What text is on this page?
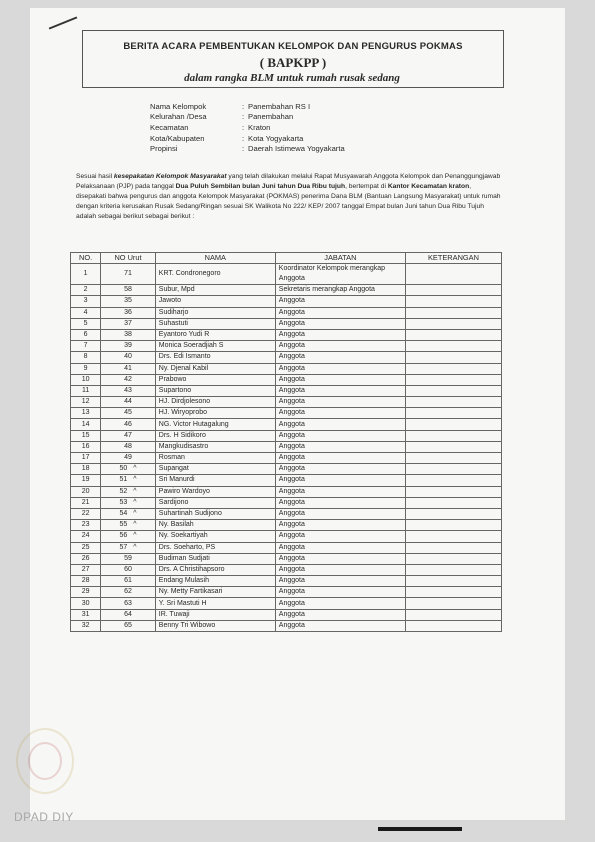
BERITA ACARA PEMBENTUKAN KELOMPOK DAN PENGURUS POKMAS
( BAPKPP )
dalam rangka BLM untuk rumah rusak sedang
Nama Kelompok	: Panembahan RS I
Kelurahan /Desa	: Panembahan
Kecamatan	: Kraton
Kota/Kabupaten	: Kota Yogyakarta
Propinsi	: Daerah Istimewa Yogyakarta
Sesuai hasil kesepakatan Kelompok Masyarakat yang telah dilakukan melalui Rapat Musyawarah Anggota Kelompok dan Penanggungjawab Pelaksanaan (PJP) pada tanggal Dua Puluh Sembilan bulan Juni tahun Dua Ribu tujuh, bertempat di Kantor Kecamatan kraton, disepakati bahwa pengurus dan anggota Kelompok Masyarakat (POKMAS) penerima Dana BLM (Bantuan Langsung Masyarakat) untuk rumah dengan kriteria kerusakan Rusak Sedang/Ringan sesuai SK Walikota No 222/ KEP/ 2007 tanggal Empat bulan Juni tahun Dua Ribu Tujuh adalah sebagai berikut sebagai berikut :
NO.	NO Urut	NAMA	JABATAN	KETERANGAN
1	71	KRT. Condronegoro	Koordinator Kelompok merangkap Anggota	
2	58	Subur, Mpd	Sekretaris merangkap Anggota	
3	35	Jawoto	Anggota	
4	36	Sudiharjo	Anggota	
5	37	Suhastuti	Anggota	
6	38	Eyantoro Yudi R	Anggota	
7	39	Monica Soeradjiah S	Anggota	
8	40	Drs. Edi Ismanto	Anggota	
9	41	Ny. Djenal Kabil	Anggota	
10	42	Prabowo	Anggota	
11	43	Supartono	Anggota	
12	44	HJ. Dirdjolesono	Anggota	
13	45	HJ. Wiryoprobo	Anggota	
14	46	NG. Victor Hutagalung	Anggota	
15	47	Drs. H Sidikoro	Anggota	
16	48	Mangkudisastro	Anggota	
17	49	Rosman	Anggota	
18	50 ^	Supangat	Anggota	
19	51 ^	Sri Manurdi	Anggota	
20	52 ^	Pawiro Wardoyo	Anggota	
21	53 ^	Sardijono	Anggota	
22	54 ^	Suhartinah Sudijono	Anggota	
23	55 ^	Ny. Basilah	Anggota	
24	56 ^	Ny. Soekartiyah	Anggota	
25	57 ^	Drs. Soeharto, PS	Anggota	
26	59	Budiman Sudjati	Anggota	
27	60	Drs. A Christihapsoro	Anggota	
28	61	Endang Mulasih	Anggota	
29	62	Ny. Metty Fartikasari	Anggota	
30	63	Y. Sri Mastuti H	Anggota	
31	64	IR. Tuwaji	Anggota	
32	65	Benny Tri Wibowo	Anggota	
DPAD DIY
